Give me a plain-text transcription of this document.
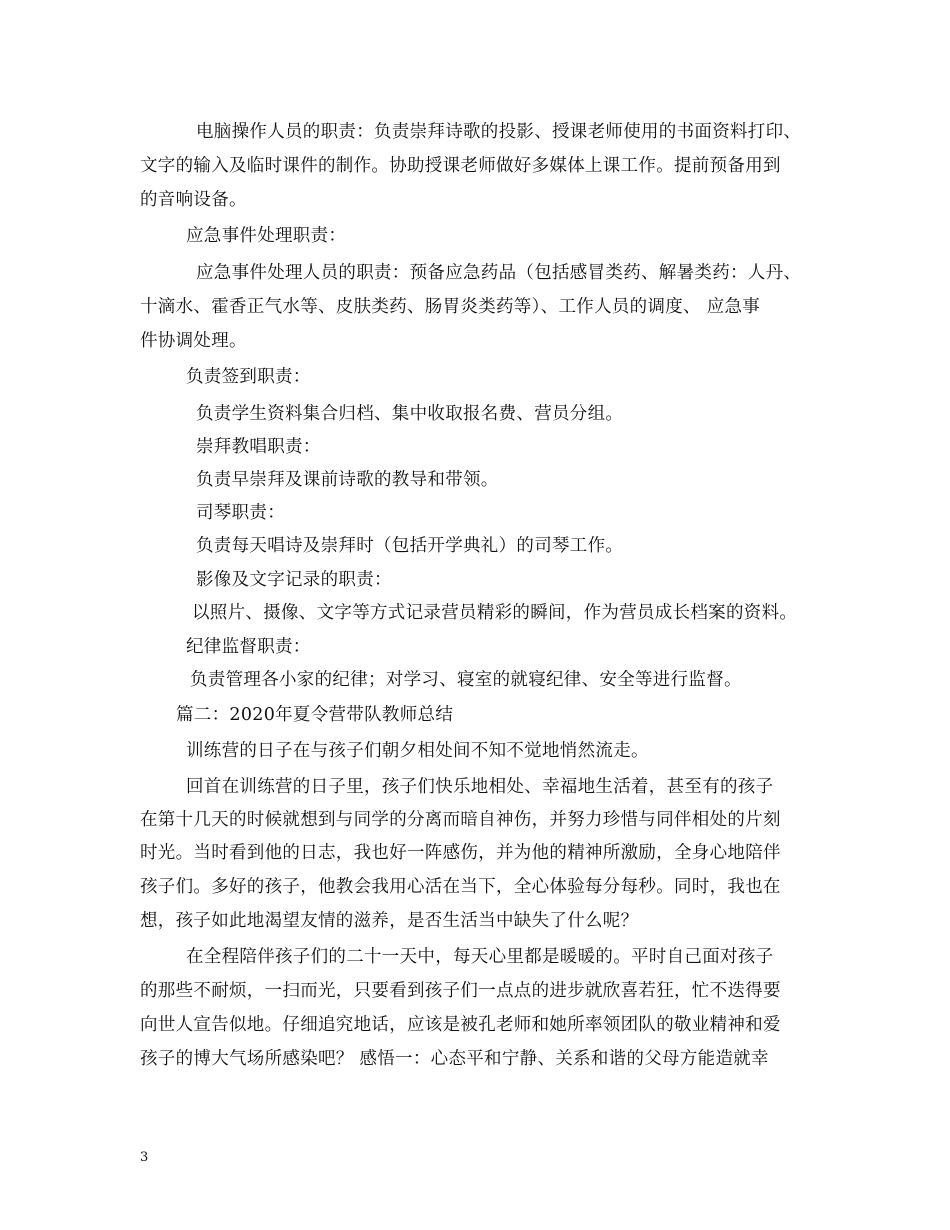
电脑操作人员的职责：负责崇拜诗歌的投影、授课老师使用的书面资料打印、
文字的输入及临时课件的制作。协助授课老师做好多媒体上课工作。提前预备用到
的音响设备。
应急事件处理职责：
应急事件处理人员的职责：预备应急药品（包括感冒类药、解暑类药：人丹、
十滴水、霍香正气水等、皮肤类药、肠胃炎类药等）、工作人员的调度、 应急事
件协调处理。
负责签到职责：
负责学生资料集合归档、集中收取报名费、营员分组。
崇拜教唱职责：
负责早崇拜及课前诗歌的教导和带领。
司琴职责：
负责每天唱诗及崇拜时（包括开学典礼）的司琴工作。
影像及文字记录的职责：
以照片、摄像、文字等方式记录营员精彩的瞬间，作为营员成长档案的资料。
纪律监督职责：
负责管理各小家的纪律；对学习、寝室的就寝纪律、安全等进行监督。
篇二：2020年夏令营带队教师总结
训练营的日子在与孩子们朝夕相处间不知不觉地悄然流走。
回首在训练营的日子里，孩子们快乐地相处、幸福地生活着，甚至有的孩子
在第十几天的时候就想到与同学的分离而暗自神伤，并努力珍惜与同伴相处的片刻
时光。当时看到他的日志，我也好一阵感伤，并为他的精神所激励，全身心地陪伴
孩子们。多好的孩子，他教会我用心活在当下，全心体验每分每秒。同时，我也在
想，孩子如此地渴望友情的滋养，是否生活当中缺失了什么呢？
在全程陪伴孩子们的二十一天中，每天心里都是暖暖的。平时自己面对孩子
的那些不耐烦，一扫而光，只要看到孩子们一点点的进步就欣喜若狂，忙不迭得要
向世人宣告似地。仔细追究地话，应该是被孔老师和她所率领团队的敬业精神和爱
孩子的博大气场所感染吧？ 感悟一：心态平和宁静、关系和谐的父母方能造就幸
3
